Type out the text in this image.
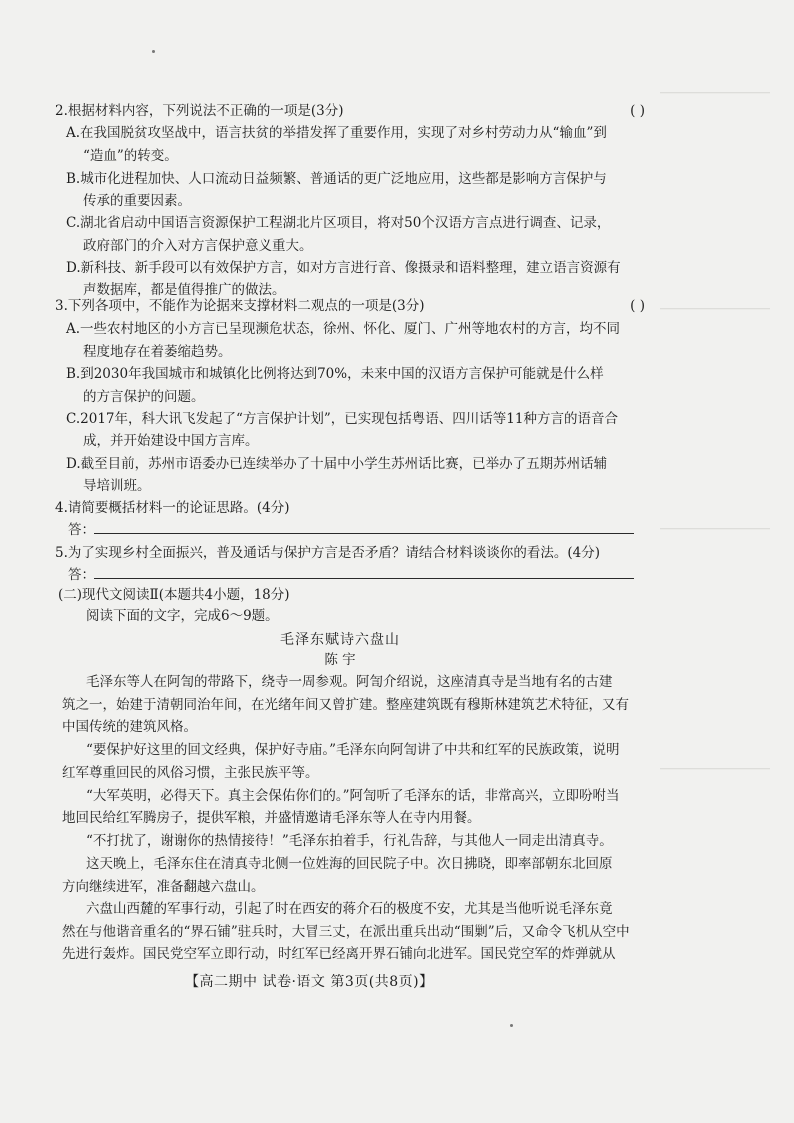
――――――――――
――――――――――
――――――――――
――――――――――
2.根据材料内容，下列说法不正确的一项是(3分)	( )
A.在我国脱贫攻坚战中，语言扶贫的举措发挥了重要作用，实现了对乡村劳动力从“输血”到
“造血”的转变。
B.城市化进程加快、人口流动日益频繁、普通话的更广泛地应用，这些都是影响方言保护与
传承的重要因素。
C.湖北省启动中国语言资源保护工程湖北片区项目，将对50个汉语方言点进行调查、记录，
政府部门的介入对方言保护意义重大。
D.新科技、新手段可以有效保护方言，如对方言进行音、像摄录和语料整理，建立语言资源有
声数据库，都是值得推广的做法。
3.下列各项中，不能作为论据来支撑材料二观点的一项是(3分)	( )
A.一些农村地区的小方言已呈现濒危状态，徐州、怀化、厦门、广州等地农村的方言，均不同
程度地存在着萎缩趋势。
B.到2030年我国城市和城镇化比例将达到70%，未来中国的汉语方言保护可能就是什么样
的方言保护的问题。
C.2017年，科大讯飞发起了“方言保护计划”，已实现包括粤语、四川话等11种方言的语音合
成，并开始建设中国方言库。
D.截至目前，苏州市语委办已连续举办了十届中小学生苏州话比赛，已举办了五期苏州话辅
导培训班。
4.请简要概括材料一的论证思路。(4分)
答：
5.为了实现乡村全面振兴，普及通话与保护方言是否矛盾？请结合材料谈谈你的看法。(4分)
答：
(二)现代文阅读Ⅱ(本题共4小题，18分)
阅读下面的文字，完成6～9题。
毛泽东赋诗六盘山
陈 宇
毛泽东等人在阿訇的带路下，绕寺一周参观。阿訇介绍说，这座清真寺是当地有名的古建
筑之一，始建于清朝同治年间，在光绪年间又曾扩建。整座建筑既有穆斯林建筑艺术特征，又有
中国传统的建筑风格。
“要保护好这里的回文经典，保护好寺庙。”毛泽东向阿訇讲了中共和红军的民族政策，说明
红军尊重回民的风俗习惯，主张民族平等。
“大军英明，必得天下。真主会保佑你们的。”阿訇听了毛泽东的话，非常高兴，立即吩咐当
地回民给红军腾房子，提供军粮，并盛情邀请毛泽东等人在寺内用餐。
“不打扰了，谢谢你的热情接待！”毛泽东拍着手，行礼告辞，与其他人一同走出清真寺。
这天晚上，毛泽东住在清真寺北侧一位姓海的回民院子中。次日拂晓，即率部朝东北回原
方向继续进军，准备翻越六盘山。
六盘山西麓的军事行动，引起了时在西安的蒋介石的极度不安，尤其是当他听说毛泽东竟
然在与他谐音重名的“界石铺”驻兵时，大冒三丈，在派出重兵出动“围剿”后，又命令飞机从空中
先进行轰炸。国民党空军立即行动，时红军已经离开界石铺向北进军。国民党空军的炸弹就从
【高二期中 试卷·语文 第3页(共8页)】
